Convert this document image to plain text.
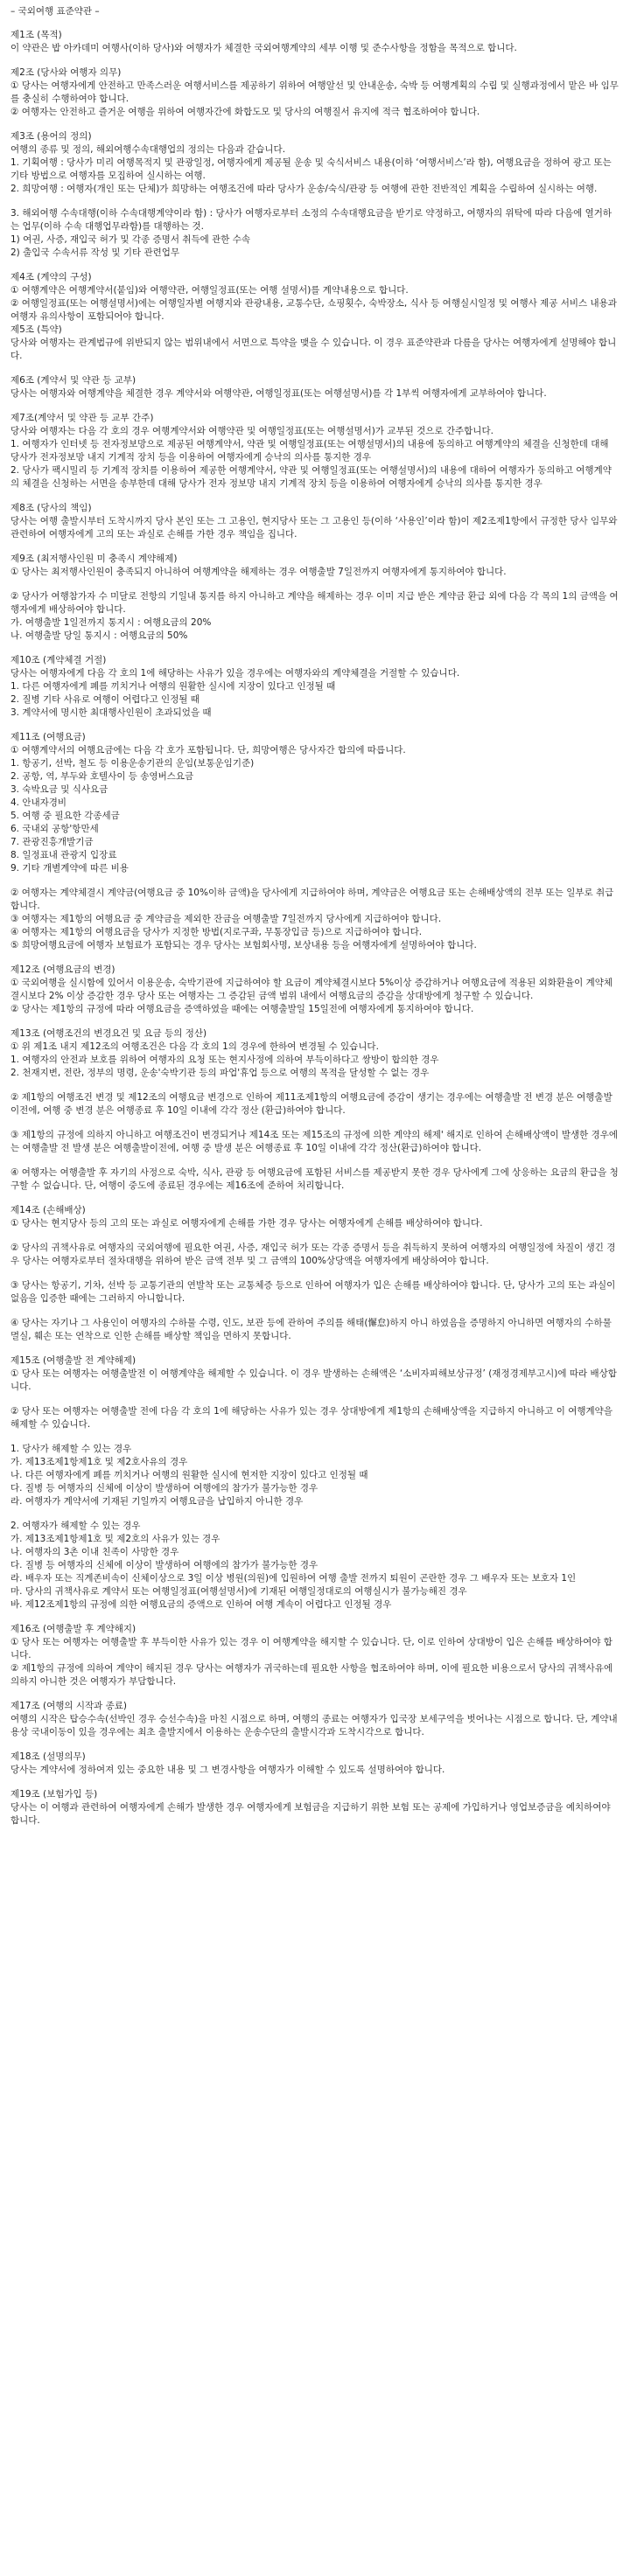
– 국외여행 표준약관 –

제1조 (목적)

이 약관은 밥 아카데미 여행사(이하 당사)와 여행자가 체결한 국외여행계약의 세부 이행 및 준수사항을 정함을 목적으로 합니다.

제2조 (당사와 여행자 의무)

① 당사는 여행자에게 안전하고 만족스러운 여행서비스를 제공하기 위하여 여행알선 및 안내운송, 숙박 등 여행계획의 수립 및 실행과정에서 맡은 바 임무를 충실히 수행하여야 합니다.

② 여행자는 안전하고 즐거운 여행을 위하여 여행자간에 화합도모 및 당사의 여행질서 유지에 적극 협조하여야 합니다.

제3조 (용어의 정의)

여행의 종류 및 정의, 해외여행수속대행업의 정의는 다음과 같습니다.

1. 기획여행 : 당사가 미리 여행목적지 및 관광일정, 여행자에게 제공될 운송 및 숙식서비스 내용(이하 ‘여행서비스’라 함), 여행요금을 정하여 광고 또는 기타 방법으로 여행자를 모집하여 실시하는 여행.

2. 희망여행 : 여행자(개인 또는 단체)가 희망하는 여행조건에 따라 당사가 운송/숙식/관광 등 여행에 관한 전반적인 계획을 수립하여 실시하는 여행.

3. 해외여행 수속대행(이하 수속대행계약이라 함) : 당사가 여행자로부터 소정의 수속대행요금을 받기로 약정하고, 여행자의 위탁에 따라 다음에 열거하는 업무(이하 수속 대행업무라함)를 대행하는 것.

1) 여권, 사증, 재입국 허가 및 각종 증명서 취득에 관한 수속

2) 출입국 수속서류 작성 및 기타 관련업무

제4조 (계약의 구성)

① 여행계약은 여행계약서(붙임)와 여행약관, 여행일정표(또는 여행 설명서)를 계약내용으로 합니다.

② 여행일정표(또는 여행설명서)에는 여행일자별 여행지와 관광내용, 교통수단, 쇼핑횟수, 숙박장소, 식사 등 여행실시일정 및 여행사 제공 서비스 내용과 여행자 유의사항이 포함되어야 합니다.

제5조 (특약)

당사와 여행자는 관계법규에 위반되지 않는 범위내에서 서면으로 특약을 맺을 수 있습니다. 이 경우 표준약관과 다름을 당사는 여행자에게 설명해야 합니다.

제6조 (계약서 및 약관 등 교부)

당사는 여행자와 여행계약을 체결한 경우 계약서와 여행약관, 여행일정표(또는 여행설명서)를 각 1부씩 여행자에게 교부하여야 합니다.

제7조(계약서 및 약관 등 교부 간주)

당사와 여행자는 다음 각 호의 경우 여행계약서와 여행약관 및 여행일정표(또는 여행설명서)가 교부된 것으로 간주합니다.

1. 여행자가 인터넷 등 전자정보망으로 제공된 여행계약서, 약관 및 여행일정표(또는 여행설명서)의 내용에 동의하고 여행계약의 체결을 신청한데 대해 당사가 전자정보망 내지 기계적 장치 등을 이용하여 여행자에게 승낙의 의사를 통지한 경우

2. 당사가 팩시밀리 등 기계적 장치를 이용하여 제공한 여행계약서, 약관 및 여행일정표(또는 여행설명서)의 내용에 대하여 여행자가 동의하고 여행계약의 체결을 신청하는 서면을 송부한데 대해 당사가 전자 정보망 내지 기계적 장치 등을 이용하여 여행자에게 승낙의 의사를 통지한 경우

제8조 (당사의 책임)

당사는 여행 출발시부터 도착시까지 당사 본인 또는 그 고용인, 현지당사 또는 그 고용인 등(이하 ‘사용인’이라 함)이 제2조제1항에서 규정한 당사 임무와 관련하여 여행자에게 고의 또는 과실로 손해를 가한 경우 책임을 집니다.

제9조 (최저행사인원 미 충족시 계약해제)

① 당사는 최저행사인원이 충족되지 아니하여 여행계약을 해제하는 경우 여행출발 7일전까지 여행자에게 통지하여야 합니다.

② 당사가 여행참가자 수 미달로 전항의 기일내 통지를 하지 아니하고 계약을 해제하는 경우 이미 지급 받은 계약금 환급 외에 다음 각 목의 1의 금액을 여행자에게 배상하여야 합니다.

가. 여행출발 1일전까지 통지시 : 여행요금의 20%

나. 여행출발 당일 통지시 : 여행요금의 50%

제10조 (계약체결 거절)

당사는 여행자에게 다음 각 호의 1에 해당하는 사유가 있을 경우에는 여행자와의 계약체결을 거절할 수 있습니다.

1. 다른 여행자에게 폐를 끼치거나 여행의 원활한 실시에 지장이 있다고 인정될 때

2. 질병 기타 사유로 여행이 어렵다고 인정될 때

3. 계약서에 명시한 최대행사인원이 초과되었을 때

제11조 (여행요금)

① 여행계약서의 여행요금에는 다음 각 호가 포함됩니다. 단, 희망여행은 당사자간 합의에 따릅니다.

1. 항공기, 선박, 철도 등 이용운송기관의 운임(보통운임기준)

2. 공항, 역, 부두와 호텔사이 등 송영버스요금

3. 숙박요금 및 식사요금

4. 안내자경비

5. 여행 중 필요한 각종세금

6. 국내외 공항'항만세

7. 관광진흥개발기금

8. 일정표내 관광지 입장료

9. 기타 개별계약에 따른 비용

② 여행자는 계약체결시 계약금(여행요금 중 10%이하 금액)을 당사에게 지급하여야 하며, 계약금은 여행요금 또는 손해배상액의 전부 또는 일부로 취급합니다.

③ 여행자는 제1항의 여행요금 중 계약금을 제외한 잔금을 여행출발 7일전까지 당사에게 지급하여야 합니다.

④ 여행자는 제1항의 여행요금을 당사가 지정한 방법(지로구좌, 무통장입금 등)으로 지급하여야 합니다.

⑤ 희망여행요금에 여행자 보험료가 포함되는 경우 당사는 보험회사명, 보상내용 등을 여행자에게 설명하여야 합니다.

제12조 (여행요금의 변경)

① 국외여행을 실시함에 있어서 이용운송, 숙박기관에 지급하여야 할 요금이 계약체결시보다 5%이상 증감하거나 여행요금에 적용된 외화환율이 계약체결시보다 2% 이상 증감한 경우 당사 또는 여행자는 그 증감된 금액 범위 내에서 여행요금의 증감을 상대방에게 청구할 수 있습니다.

② 당사는 제1항의 규정에 따라 여행요금을 증액하였을 때에는 여행출발일 15일전에 여행자에게 통지하여야 합니다.

제13조 (여행조건의 변경요건 및 요금 등의 정산)

① 위 제1조 내지 제12조의 여행조건은 다음 각 호의 1의 경우에 한하여 변경될 수 있습니다.

1. 여행자의 안전과 보호를 위하여 여행자의 요청 또는 현지사정에 의하여 부득이하다고 쌍방이 합의한 경우

2. 천재지변, 전란, 정부의 명령, 운송'숙박기관 등의 파업'휴업 등으로 여행의 목적을 달성할 수 없는 경우

② 제1항의 여행조건 변경 및 제12조의 여행요금 변경으로 인하여 제11조제1항의 여행요금에 증감이 생기는 경우에는 여행출발 전 변경 분은 여행출발 이전에, 여행 중 변경 분은 여행종료 후 10일 이내에 각각 정산 (환급)하여야 합니다.

③ 제1항의 규정에 의하지 아니하고 여행조건이 변경되거나 제14조 또는 제15조의 규정에 의한 계약의 해제' 해지로 인하여 손해배상액이 발생한 경우에는 여행출발 전 발생 분은 여행출발이전에, 여행 중 발생 분은 여행종료 후 10일 이내에 각각 정산(환급)하여야 합니다.

④ 여행자는 여행출발 후 자기의 사정으로 숙박, 식사, 관광 등 여행요금에 포함된 서비스를 제공받지 못한 경우 당사에게 그에 상응하는 요금의 환급을 청구할 수 없습니다. 단, 여행이 중도에 종료된 경우에는 제16조에 준하여 처리합니다.

제14조 (손해배상)

① 당사는 현지당사 등의 고의 또는 과실로 여행자에게 손해를 가한 경우 당사는 여행자에게 손해를 배상하여야 합니다.

② 당사의 귀책사유로 여행자의 국외여행에 필요한 여권, 사증, 재입국 허가 또는 각종 증명서 등을 취득하지 못하여 여행자의 여행일정에 차질이 생긴 경우 당사는 여행자로부터 절차대행을 위하여 받은 금액 전부 및 그 금액의 100%상당액을 여행자에게 배상하여야 합니다.

③ 당사는 항공기, 기차, 선박 등 교통기관의 연발착 또는 교통체증 등으로 인하여 여행자가 입은 손해를 배상하여야 합니다. 단, 당사가 고의 또는 과실이 없음을 입증한 때에는 그러하지 아니합니다.

④ 당사는 자기나 그 사용인이 여행자의 수하물 수령, 인도, 보관 등에 관하여 주의를 해태(懈怠)하지 아니 하였음을 증명하지 아니하면 여행자의 수하물 멸실, 훼손 또는 연착으로 인한 손해를 배상할 책임을 면하지 못합니다.

제15조 (여행출발 전 계약해제)

① 당사 또는 여행자는 여행출발전 이 여행계약을 해제할 수 있습니다. 이 경우 발생하는 손해액은 ‘소비자피해보상규정’ (재정경제부고시)에 따라 배상합니다.

② 당사 또는 여행자는 여행출발 전에 다음 각 호의 1에 해당하는 사유가 있는 경우 상대방에게 제1항의 손해배상액을 지급하지 아니하고 이 여행계약을 해제할 수 있습니다.

1. 당사가 해제할 수 있는 경우

가. 제13조제1항제1호 및 제2호사유의 경우

나. 다른 여행자에게 폐를 끼치거나 여행의 원활한 실시에 현저한 지장이 있다고 인정될 때

다. 질병 등 여행자의 신체에 이상이 발생하여 여행에의 참가가 불가능한 경우

라. 여행자가 계약서에 기재된 기일까지 여행요금을 납입하지 아니한 경우

2. 여행자가 해제할 수 있는 경우

가. 제13조제1항제1호 및 제2호의 사유가 있는 경우

나. 여행자의 3촌 이내 친족이 사망한 경우

다. 질병 등 여행자의 신체에 이상이 발생하여 여행에의 참가가 불가능한 경우

라. 배우자 또는 직계존비속이 신체이상으로 3일 이상 병원(의원)에 입원하여 여행 출발 전까지 퇴원이 곤란한 경우 그 배우자 또는 보호자 1인

마. 당사의 귀책사유로 계약서 또는 여행일정표(여행설명서)에 기재된 여행일정대로의 여행실시가 불가능해진 경우

바. 제12조제1항의 규정에 의한 여행요금의 증액으로 인하여 여행 계속이 어렵다고 인정될 경우

제16조 (여행출발 후 계약해지)

① 당사 또는 여행자는 여행출발 후 부득이한 사유가 있는 경우 이 여행계약을 해지할 수 있습니다. 단, 이로 인하여 상대방이 입은 손해를 배상하여야 합니다.

② 제1항의 규정에 의하여 계약이 해지된 경우 당사는 여행자가 귀국하는데 필요한 사항을 협조하여야 하며, 이에 필요한 비용으로서 당사의 귀책사유에 의하지 아니한 것은 여행자가 부담합니다.

제17조 (여행의 시작과 종료)

여행의 시작은 탑승수속(선박인 경우 승선수속)을 마친 시점으로 하며, 여행의 종료는 여행자가 입국장 보세구역을 벗어나는 시점으로 합니다. 단, 계약내용상 국내이동이 있을 경우에는 최초 출발지에서 이용하는 운송수단의 출발시각과 도착시각으로 합니다.

제18조 (설명의무)

당사는 계약서에 정하여져 있는 중요한 내용 및 그 변경사항을 여행자가 이해할 수 있도록 설명하여야 합니다.

제19조 (보험가입 등)

당사는 이 여행과 관련하여 여행자에게 손해가 발생한 경우 여행자에게 보험금을 지급하기 위한 보험 또는 공제에 가입하거나 영업보증금을 예치하여야 합니다.
